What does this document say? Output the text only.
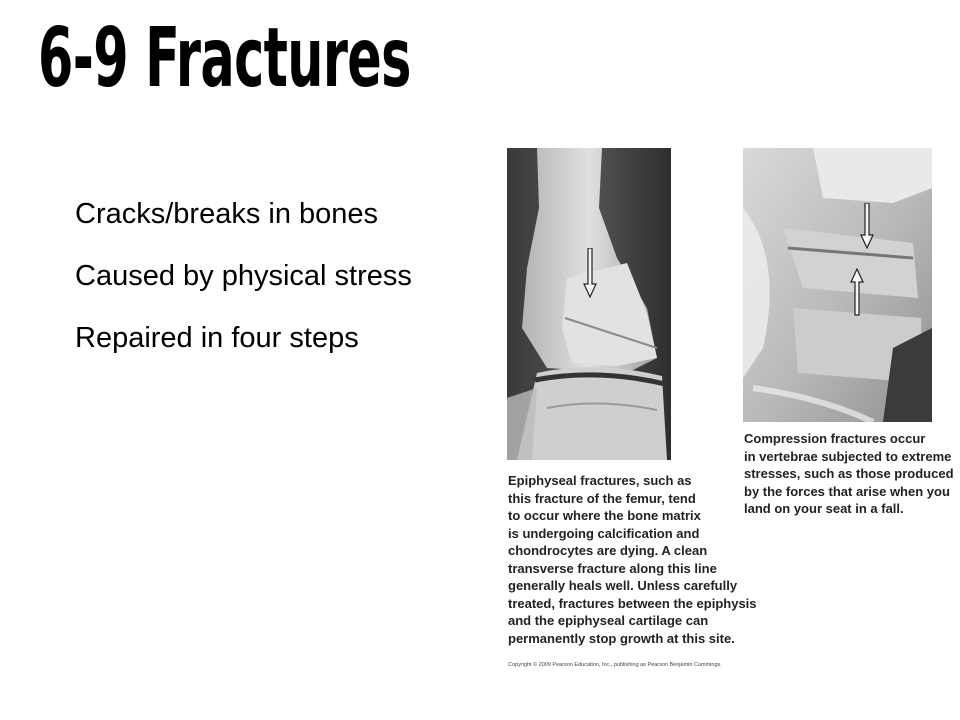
6-9 Fractures
Cracks/breaks in bones
Caused by physical stress
Repaired in four steps
Epiphyseal fractures, such as
this fracture of the femur, tend
to occur where the bone matrix
is undergoing calcification and
chondrocytes are dying. A clean
transverse fracture along this line
generally heals well. Unless carefully
treated, fractures between the epiphysis
and the epiphyseal cartilage can
permanently stop growth at this site.
Compression fractures occur
in vertebrae subjected to extreme
stresses, such as those produced
by the forces that arise when you
land on your seat in a fall.
Copyright © 2009 Pearson Education, Inc., publishing as Pearson Benjamin Cummings.
